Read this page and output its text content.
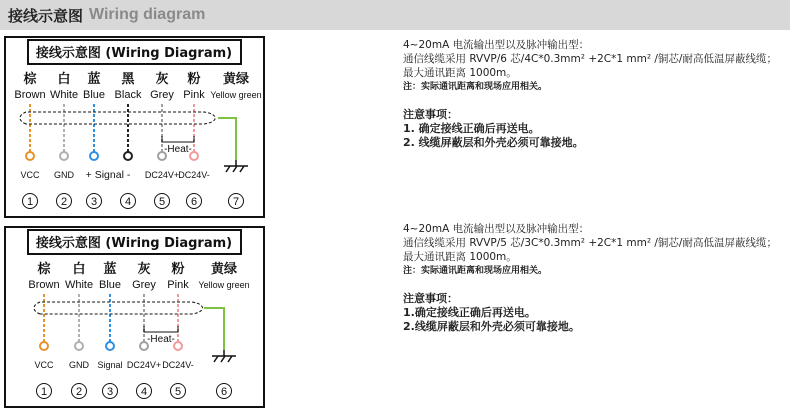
接线示意图 Wiring diagram
接线示意图 (Wiring Diagram)
棕
Brown
VCC
白
White
GND
蓝
Blue
+ Signal -
黑
Black
灰
Grey
DC24V+
粉
Pink
DC24V-
-Heat-
黄绿
Yellow green
1	2 3	4	5 6	7
接线示意图 (Wiring Diagram)
棕
Brown
VCC
白
White
GND
蓝
Blue
Signal
灰
Grey
DC24V+
粉
Pink
DC24V-
-Heat-
黄绿
Yellow green
1	2 3	4	5	6
4~20mA 电流输出型以及脉冲输出型：
通信线缆采用 RVVP/6 芯/4C*0.3mm² +2C*1 mm² /铜芯/耐高低温屏蔽线缆；
最大通讯距离 1000m。
注：实际通讯距离和现场应用相关。
注意事项：
1. 确定接线正确后再送电。
2. 线缆屏蔽层和外壳必须可靠接地。
4~20mA 电流输出型以及脉冲输出型：
通信线缆采用 RVVP/5 芯/3C*0.3mm² +2C*1 mm² /铜芯/耐高低温屏蔽线缆；
最大通讯距离 1000m。
注：实际通讯距离和现场应用相关。
注意事项：
1.确定接线正确后再送电。
2.线缆屏蔽层和外壳必须可靠接地。
